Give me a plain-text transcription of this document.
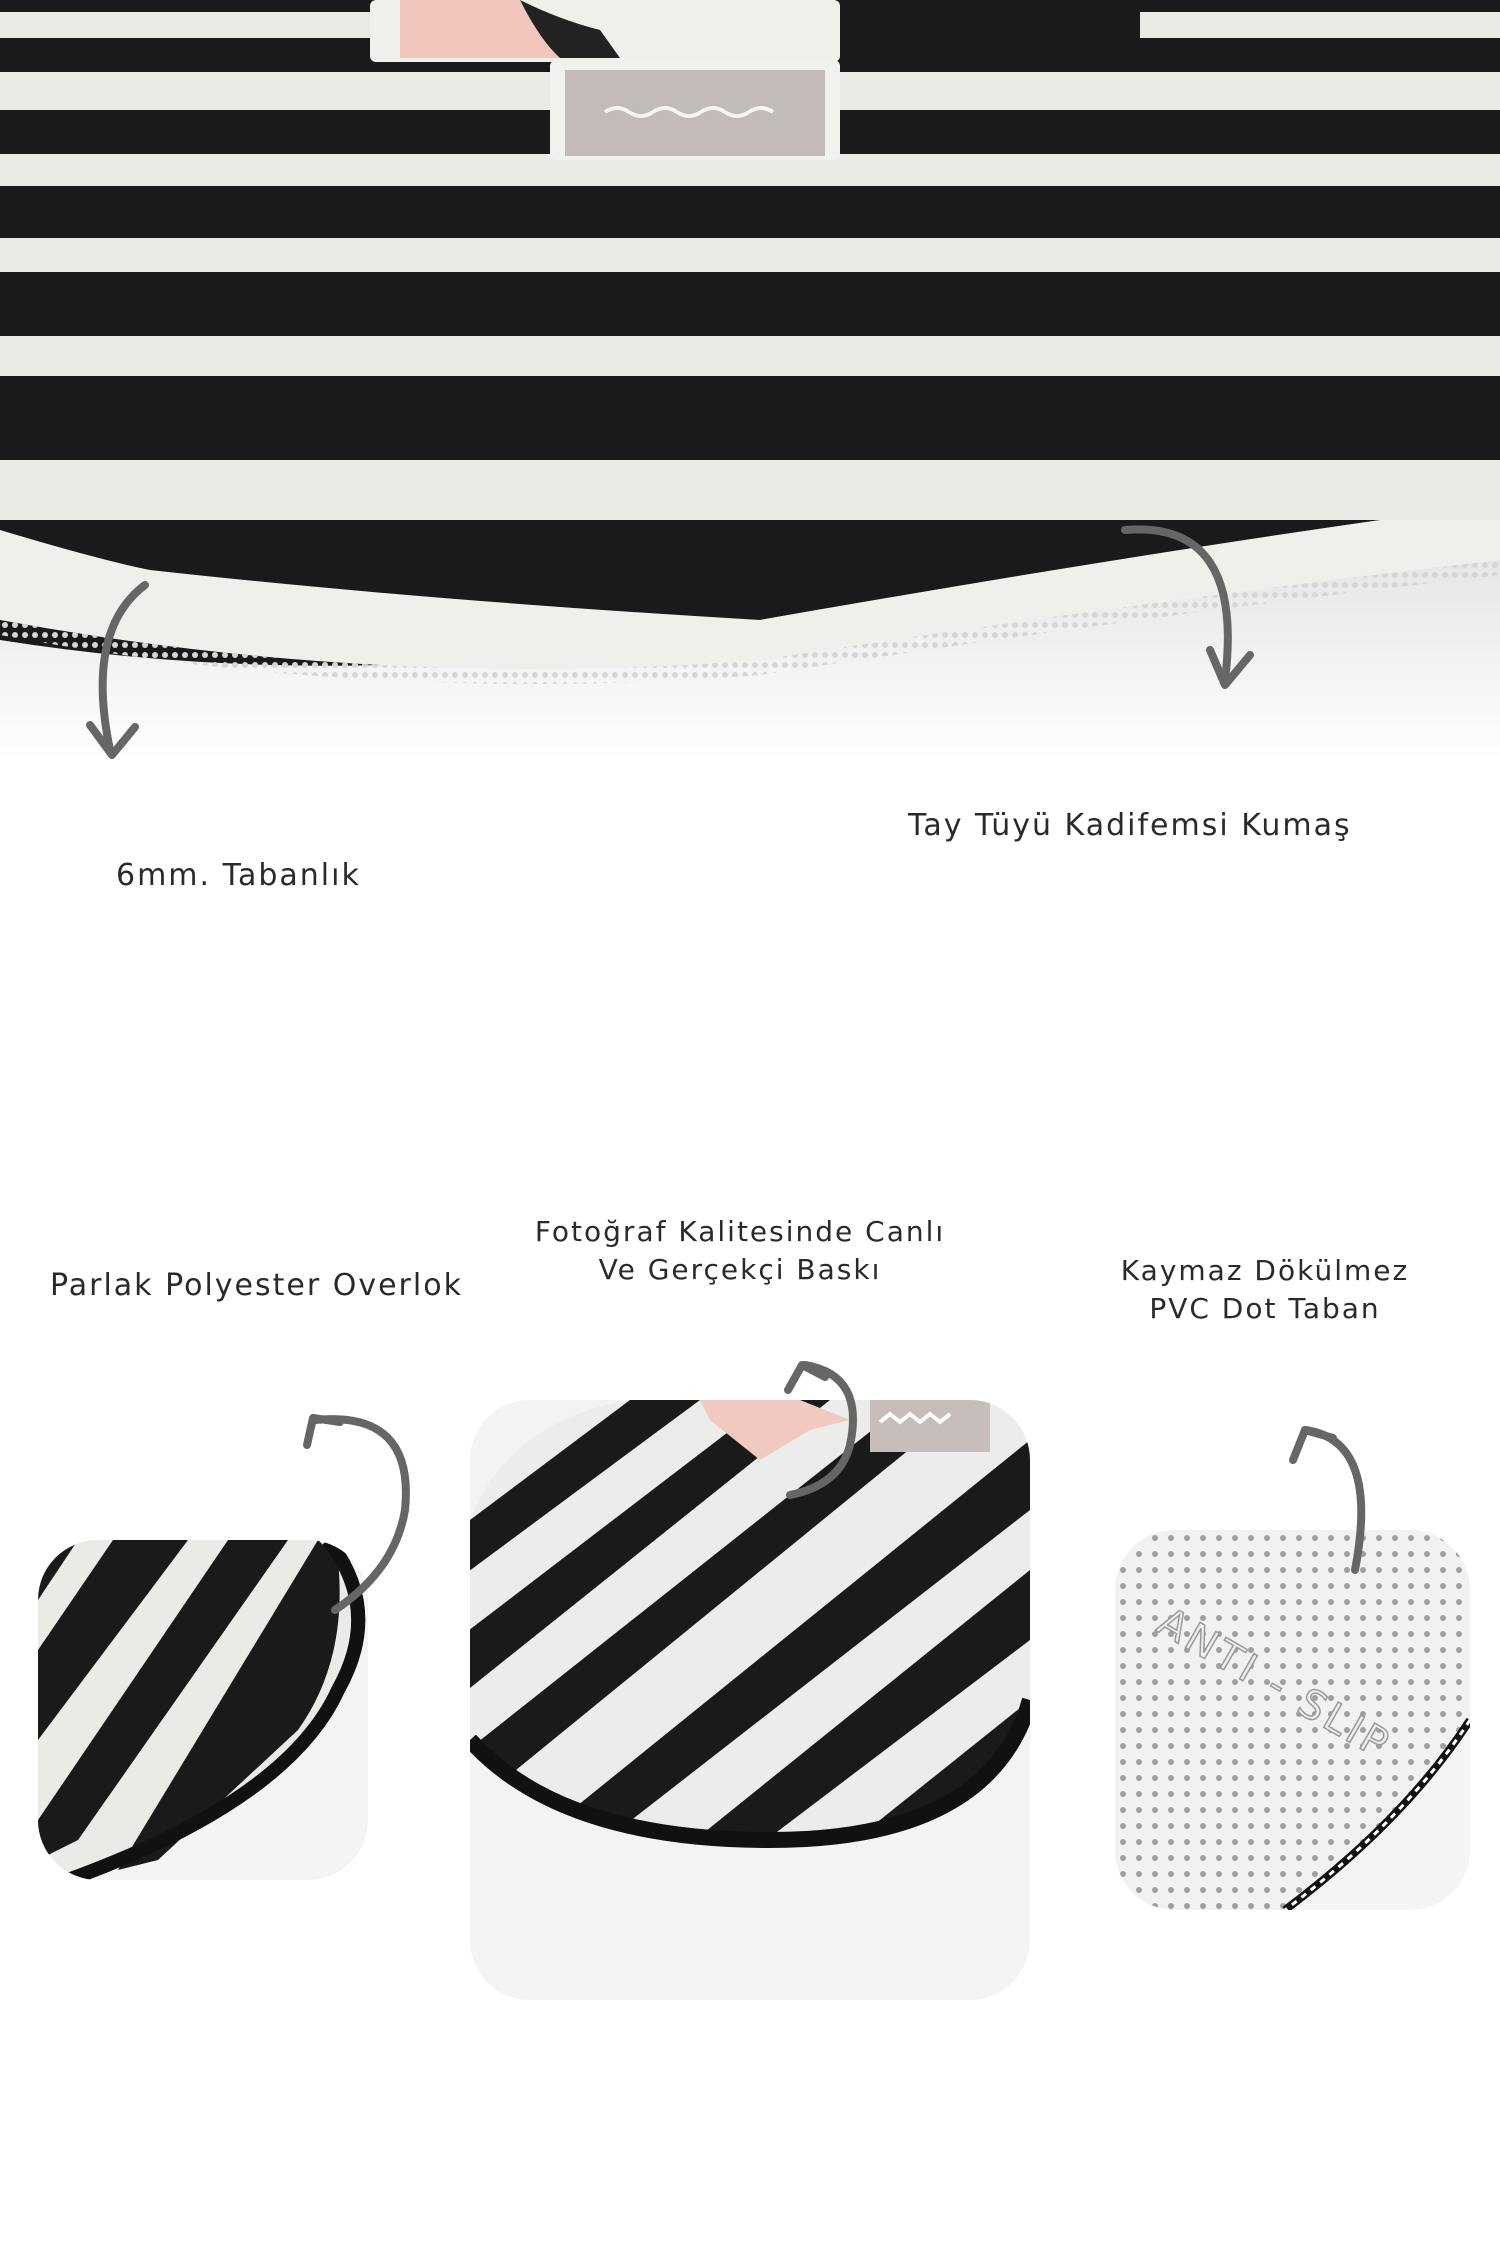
6mm. Tabanlık
Tay Tüyü Kadifemsi Kumaş
Parlak Polyester Overlok
Fotoğraf Kalitesinde Canlı
Ve Gerçekçi Baskı	Kaymaz Dökülmez
PVC Dot Taban
ANTI - SLIP
